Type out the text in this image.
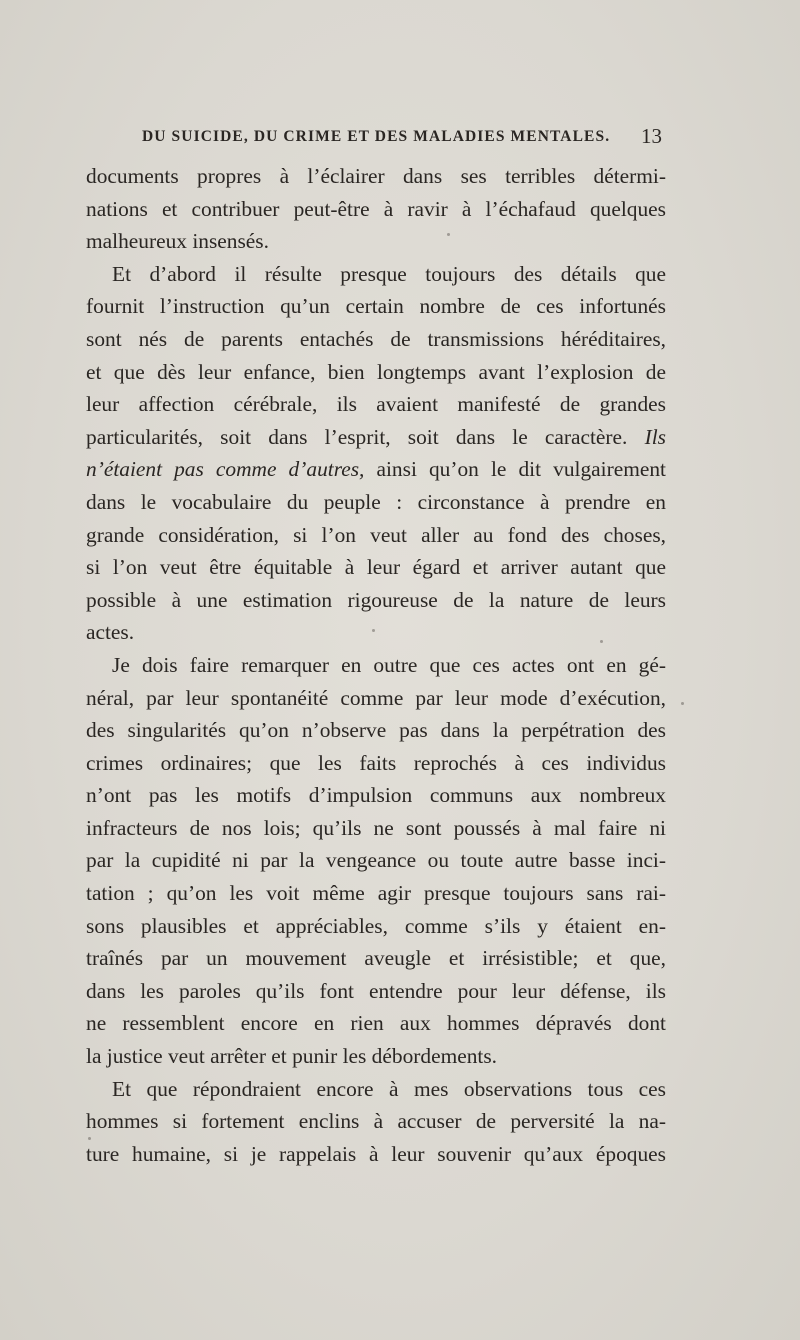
DU SUICIDE, DU CRIME ET DES MALADIES MENTALES. 13
documents propres à l’éclairer dans ses terribles détermi-
nations et contribuer peut-être à ravir à l’échafaud quelques
malheureux insensés.
Et d’abord il résulte presque toujours des détails que
fournit l’instruction qu’un certain nombre de ces infortunés
sont nés de parents entachés de transmissions héréditaires,
et que dès leur enfance, bien longtemps avant l’explosion de
leur affection cérébrale, ils avaient manifesté de grandes
particularités, soit dans l’esprit, soit dans le caractère. Ils
n’étaient pas comme d’autres, ainsi qu’on le dit vulgairement
dans le vocabulaire du peuple : circonstance à prendre en
grande considération, si l’on veut aller au fond des choses,
si l’on veut être équitable à leur égard et arriver autant que
possible à une estimation rigoureuse de la nature de leurs
actes.
Je dois faire remarquer en outre que ces actes ont en gé-
néral, par leur spontanéité comme par leur mode d’exécution,
des singularités qu’on n’observe pas dans la perpétration des
crimes ordinaires; que les faits reprochés à ces individus
n’ont pas les motifs d’impulsion communs aux nombreux
infracteurs de nos lois; qu’ils ne sont poussés à mal faire ni
par la cupidité ni par la vengeance ou toute autre basse inci-
tation ; qu’on les voit même agir presque toujours sans rai-
sons plausibles et appréciables, comme s’ils y étaient en-
traînés par un mouvement aveugle et irrésistible; et que,
dans les paroles qu’ils font entendre pour leur défense, ils
ne ressemblent encore en rien aux hommes dépravés dont
la justice veut arrêter et punir les débordements.
Et que répondraient encore à mes observations tous ces
hommes si fortement enclins à accuser de perversité la na-
ture humaine, si je rappelais à leur souvenir qu’aux époques
